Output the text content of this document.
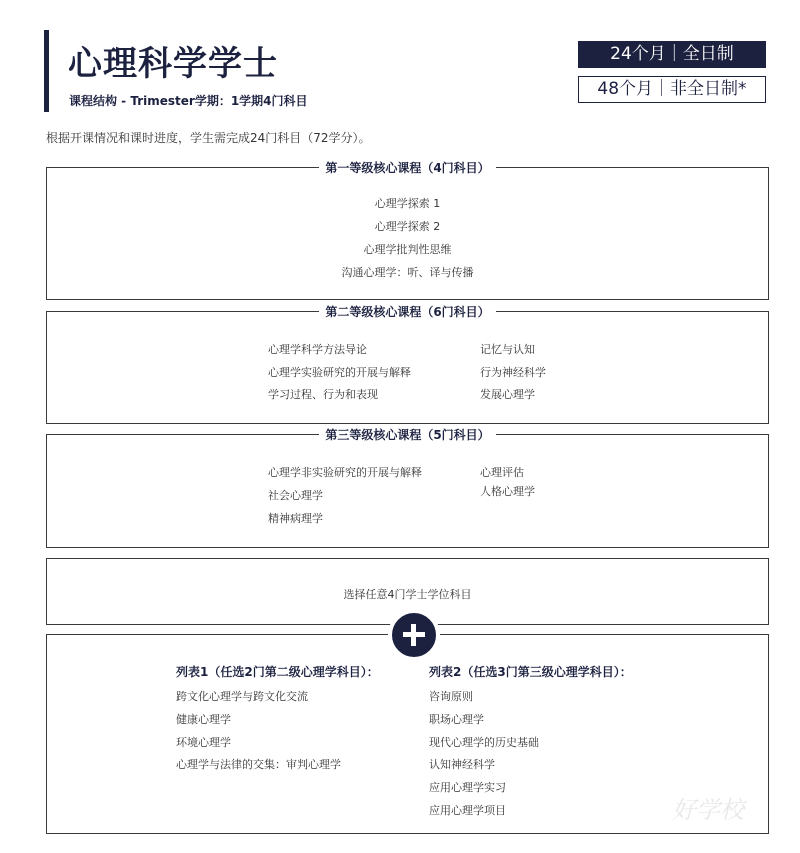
心理科学学士
课程结构 - Trimester学期：1学期4门科目
24个月｜全日制
48个月｜非全日制*
根据开课情况和课时进度，学生需完成24门科目（72学分）。
第一等级核心课程（4门科目）
心理学探索 1
心理学探索 2
心理学批判性思维
沟通心理学：听、译与传播
第二等级核心课程（6门科目）
心理学科学方法导论
心理学实验研究的开展与解释
学习过程、行为和表现
记忆与认知
行为神经科学
发展心理学
第三等级核心课程（5门科目）
心理学非实验研究的开展与解释
社会心理学
精神病理学
心理评估
人格心理学
选择任意4门学士学位科目
列表1（任选2门第二级心理学科目）：
跨文化心理学与跨文化交流
健康心理学
环境心理学
心理学与法律的交集：审判心理学
列表2（任选3门第三级心理学科目）：
咨询原则
职场心理学
现代心理学的历史基础
认知神经科学
应用心理学实习
应用心理学项目	好学校
